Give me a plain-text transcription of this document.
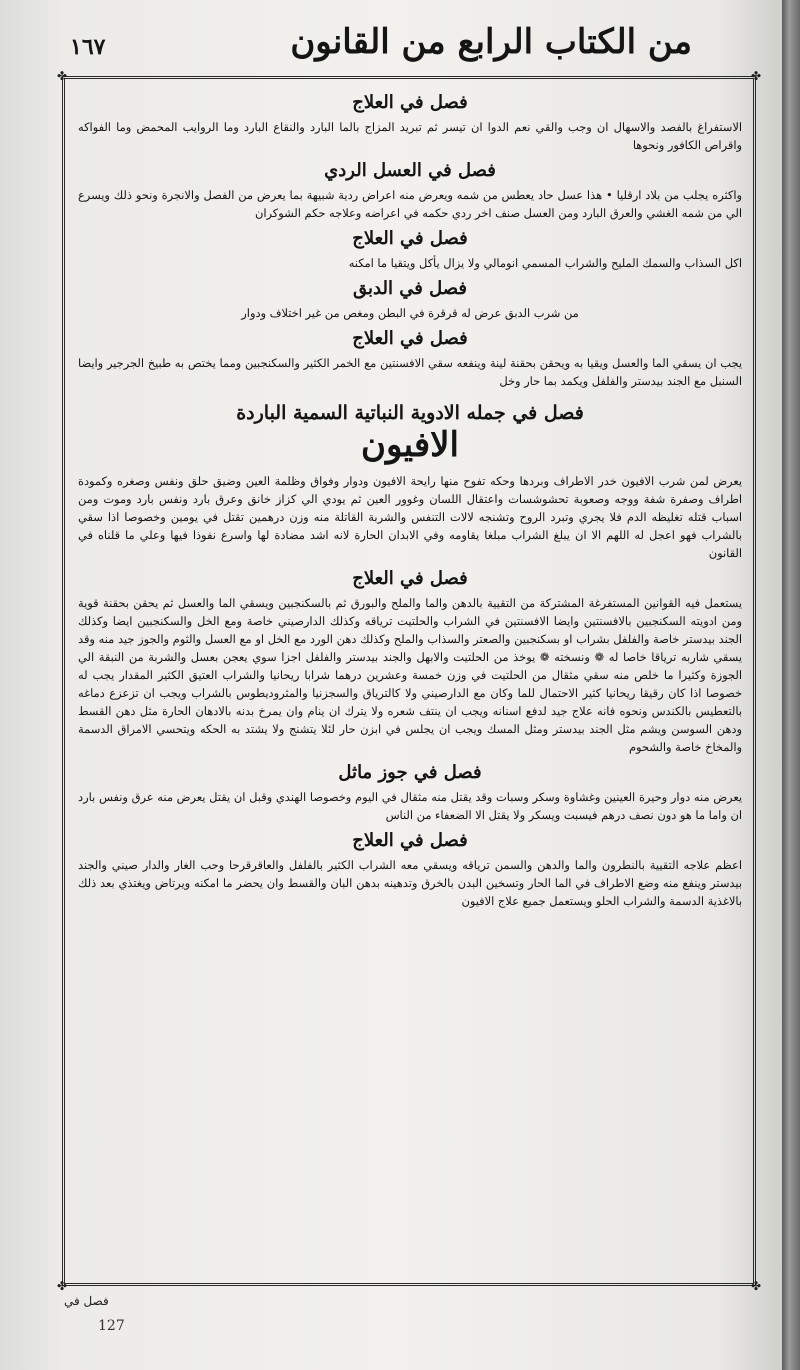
من الكتاب الرابع من القانون
١٦٧
✤	✤
✤	✤
فصل في العلاج

الاستفراغ بالفصد والاسهال ان وجب والقي نعم الدوا ان تيسر ثم تبريد المزاج بالما البارد والنقاع البارد وما الروايب المحمض وما الفواكه واقراص الكافور ونحوها

فصل في العسل الردي

واكثره يجلب من بلاد ارقليا • هذا عسل حاد يعطس من شمه ويعرض منه اعراض ردية شبيهة بما يعرض من الفصل والانجرة ونحو ذلك ويسرع الي من شمه الغشي والعرق البارد ومن العسل صنف اخر ردي حكمه في اعراضه وعلاجه حكم الشوكران

فصل في العلاج

اكل السذاب والسمك المليح والشراب المسمي انومالي ولا يزال يأكل ويتقيا ما امكنه

فصل في الدبق

من شرب الدبق عرض له قرقرة في البطن ومغص من غير اختلاف ودوار

فصل في العلاج

يجب ان يسقي الما والعسل ويقيا به ويحقن بحقنة لينة وينفعه سقي الافسنتين مع الخمر الكثير والسكنجبين ومما يختص به طبيخ الجرجير وايضا السنبل مع الجند بيدستر والفلفل ويكمد بما حار وخل

فصل في جمله الادوية النباتية السمية الباردة
الافيون

يعرض لمن شرب الافيون خدر الاطراف وبردها وحكه تفوح منها رايحة الافيون ودوار وفواق وظلمة العين وضيق حلق ونفس وصغره وكمودة اطراف وصفرة شفة ووجه وصعوبة تحشوشسات واعتقال اللسان وغوور العين ثم يودي الي كزاز خانق وعرق بارد ونفس بارد وموت ومن اسباب قتله تغليظه الدم فلا يجري وتبرد الروح وتشنجه لالات التنفس والشربة القاتلة منه وزن درهمين تقتل في يومين وخصوصا اذا سقي بالشراب فهو اعجل له اللهم الا ان يبلغ الشراب مبلغا يقاومه وفي الابدان الحارة لانه اشد مضادة لها واسرع نفوذا فيها وعلي ما قلناه في القانون

فصل في العلاج

يستعمل فيه القوانين المستفرغة المشتركة من التقيية بالدهن والما والملح والبورق ثم بالسكنجبين ويسقي الما والعسل ثم يحقن بحقنة قوية ومن ادويته السكنجبين بالافسنتين وايضا الافسنتين في الشراب والحلتيت ترياقه وكذلك الدارصيني خاصة ومع الخل والسكنجبين ايضا وكذلك الجند بيدستر خاصة والفلفل بشراب او بسكنجبين والصعتر والسذاب والملح وكذلك دهن الورد مع الخل او مع العسل والثوم والجوز جيد منه وقد يسقي شاربه ترياقا خاصا له ❁ ونسخته ❁ يوخذ من الحلتيت والابهل والجند بيدستر والفلفل اجزا سوي يعجن بعسل والشربة من النبقة الي الجوزة وكثيرا ما خلص منه سقي مثقال من الحلتيت في وزن خمسة وعشرين درهما شرابا ريحانيا والشراب العتيق الكثير المقدار يجب له خصوصا اذا كان رقيقا ريحانيا كثير الاحتمال للما وكان مع الدارصيني ولا كالترياق والسجزنيا والمثروديطوس بالشراب ويجب ان تزعزع دماغه بالتعطيس بالكندس ونحوه فانه علاج جيد لدفع اسنانه ويجب ان ينتف شعره ولا يترك ان ينام وان يمرخ بدنه بالادهان الحارة مثل دهن القسط ودهن السوسن ويشم مثل الجند بيدستر ومثل المسك ويجب ان يجلس في ابزن حار لئلا يتشنج ولا يشتد به الحكه ويتحسي الامراق الدسمة والمخاخ خاصة والشحوم

فصل في جوز ماثل

يعرض منه دوار وحيرة العينين وغشاوة وسكر وسبات وقد يقتل منه مثقال في اليوم وخصوصا الهندي وقبل ان يقتل يعرض منه عرق ونفس بارد ان واما ما هو دون نصف درهم فيسبت ويسكر ولا يقتل الا الضعفاء من الناس

فصل في العلاج

اعظم علاجه التقيية بالنطرون والما والدهن والسمن ترياقه ويسقي معه الشراب الكثير بالفلفل والعاقرقرحا وحب الغار والدار صيني والجند بيدستر وينفع منه وضع الاطراف في الما الحار وتسخين البدن بالخرق وتدهينه بدهن البان والقسط وان يحضر ما امكنه ويرتاض ويغتذي بعد ذلك بالاغذية الدسمة والشراب الحلو ويستعمل جميع علاج الافيون

فصل في
127
